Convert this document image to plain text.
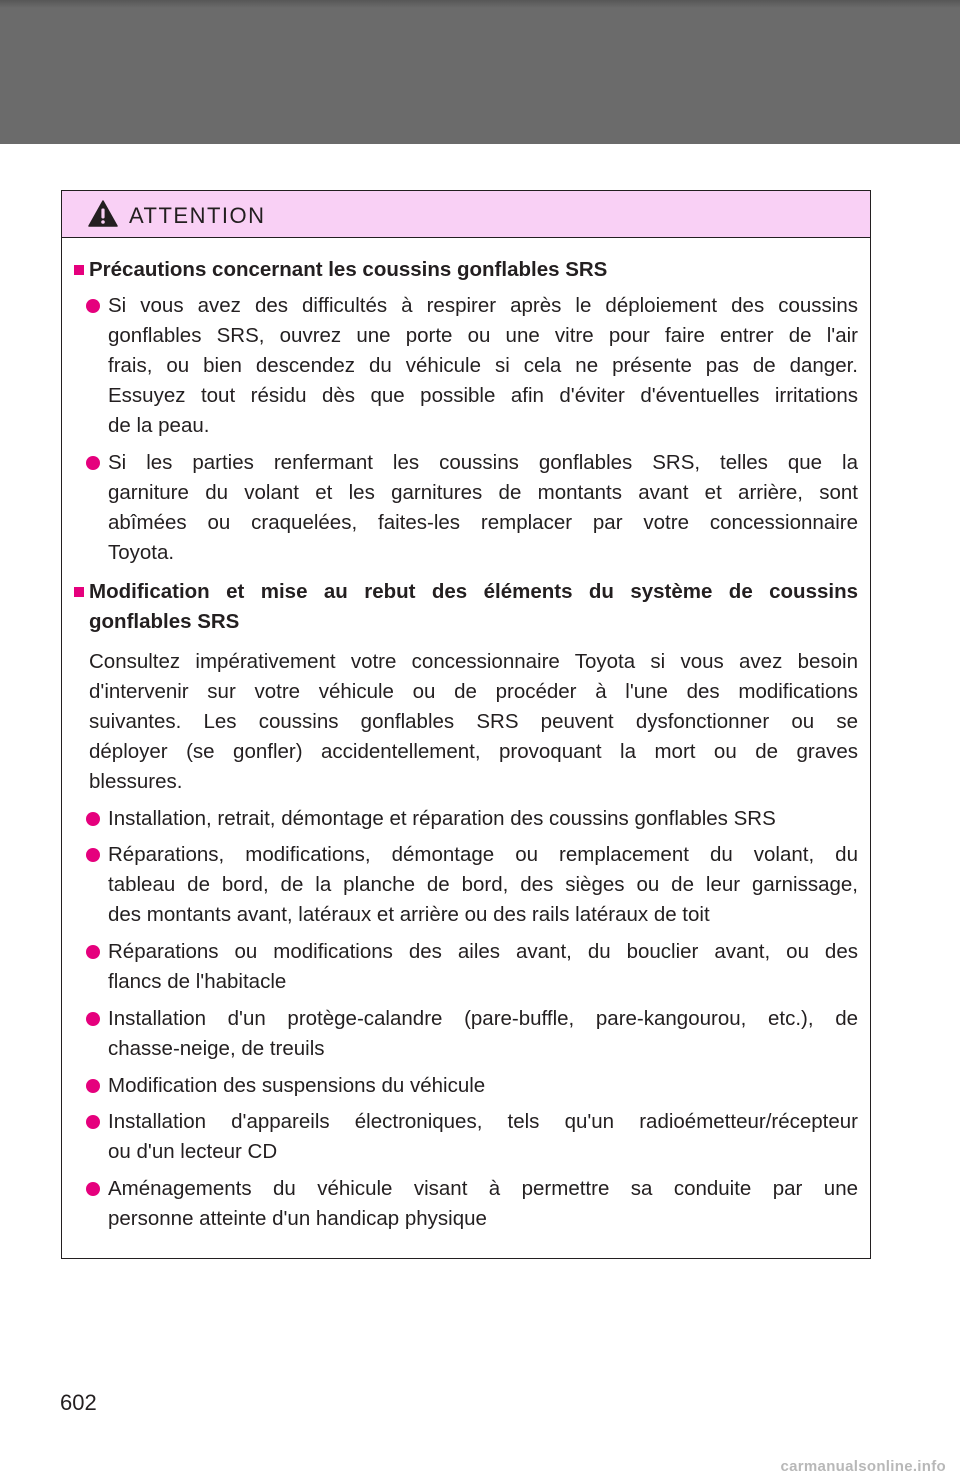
ATTENTION
Précautions concernant les coussins gonflables SRS
Si vous avez des difficultés à respirer après le déploiement des coussins
gonflables SRS, ouvrez une porte ou une vitre pour faire entrer de l'air
frais, ou bien descendez du véhicule si cela ne présente pas de danger.
Essuyez tout résidu dès que possible afin d'éviter d'éventuelles irritations
de la peau.
Si les parties renfermant les coussins gonflables SRS, telles que la
garniture du volant et les garnitures de montants avant et arrière, sont
abîmées ou craquelées, faites-les remplacer par votre concessionnaire
Toyota.
Modification et mise au rebut des éléments du système de coussins
gonflables SRS
Consultez impérativement votre concessionnaire Toyota si vous avez besoin
d'intervenir sur votre véhicule ou de procéder à l'une des modifications
suivantes. Les coussins gonflables SRS peuvent dysfonctionner ou se
déployer (se gonfler) accidentellement, provoquant la mort ou de graves
blessures.
Installation, retrait, démontage et réparation des coussins gonflables SRS
Réparations, modifications, démontage ou remplacement du volant, du
tableau de bord, de la planche de bord, des sièges ou de leur garnissage,
des montants avant, latéraux et arrière ou des rails latéraux de toit
Réparations ou modifications des ailes avant, du bouclier avant, ou des
flancs de l'habitacle
Installation d'un protège-calandre (pare-buffle, pare-kangourou, etc.), de
chasse-neige, de treuils
Modification des suspensions du véhicule
Installation d'appareils électroniques, tels qu'un radioémetteur/récepteur
ou d'un lecteur CD
Aménagements du véhicule visant à permettre sa conduite par une
personne atteinte d'un handicap physique
602
carmanualsonline.info
